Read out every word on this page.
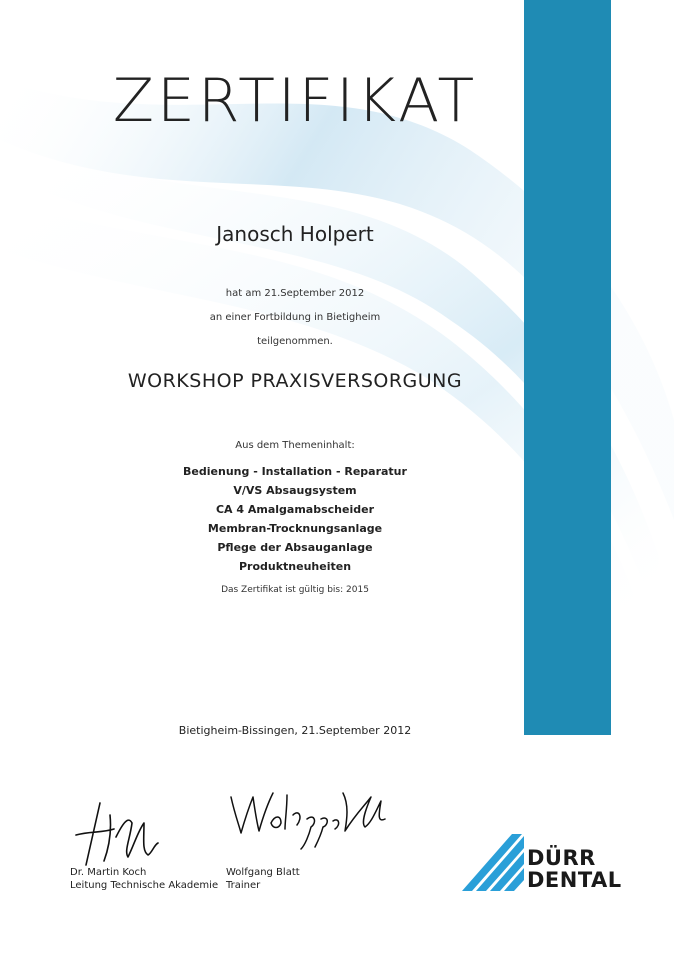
ZERTIFIKAT
Janosch Holpert
hat am 21.September 2012
an einer Fortbildung in Bietigheim
teilgenommen.
WORKSHOP PRAXISVERSORGUNG
Aus dem Themeninhalt:
Bedienung - Installation - Reparatur
V/VS Absaugsystem
CA 4 Amalgamabscheider
Membran-Trocknungsanlage
Pflege der Absauganlage
Produktneuheiten
Das Zertifikat ist gültig bis: 2015
Bietigheim-Bissingen, 21.September 2012
Dr. Martin Koch
Leitung Technische Akademie
Wolfgang Blatt
Trainer
DÜRR
DENTAL
